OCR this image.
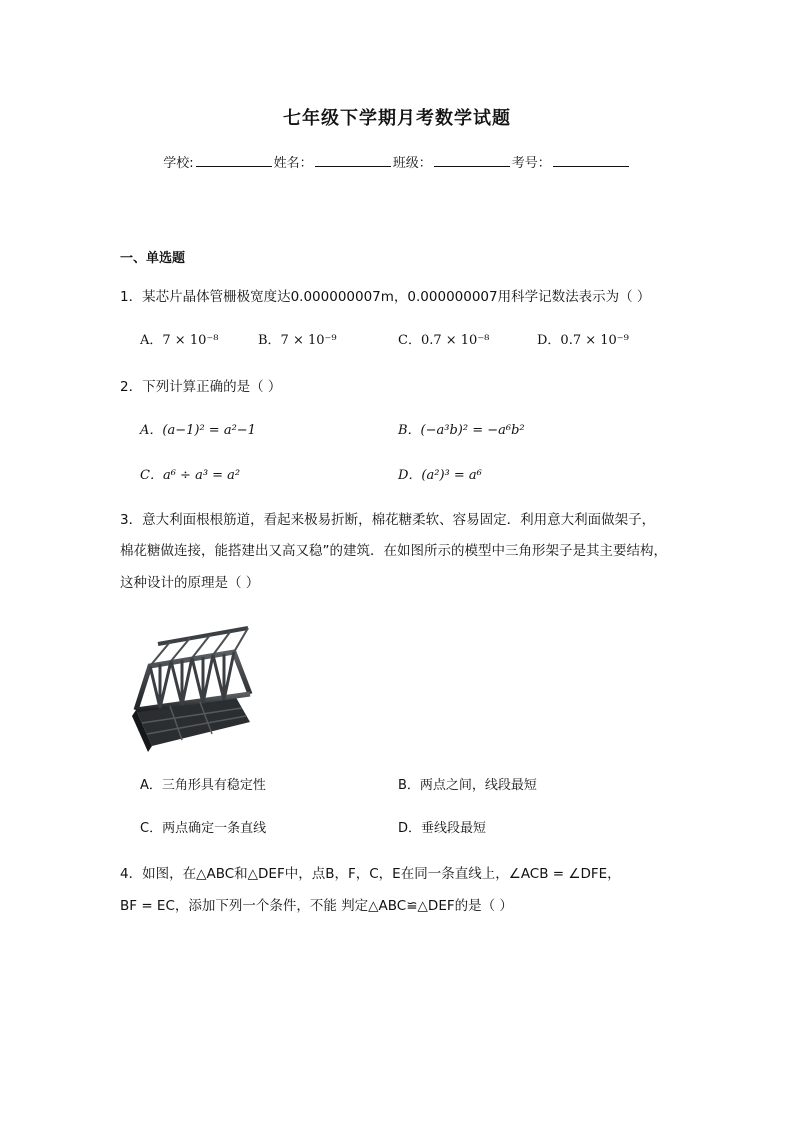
七年级下学期月考数学试题
学校:	姓名：	班级：	考号：
一、单选题
1．某芯片晶体管栅极宽度达0.000000007m，0.000000007用科学记数法表示为（ ）
A．7 × 10⁻⁸	B．7 × 10⁻⁹	C．0.7 × 10⁻⁸	D．0.7 × 10⁻⁹
2．下列计算正确的是（ ）
A．(a−1)² = a²−1	B．(−a³b)² = −a⁶b²
C．a⁶ ÷ a³ = a²	D．(a²)³ = a⁶
3．意大利面根根筋道，看起来极易折断，棉花糖柔软、容易固定．利用意大利面做架子，
棉花糖做连接，能搭建出又高又稳”的建筑．在如图所示的模型中三角形架子是其主要结构，
这种设计的原理是（ ）
A．三角形具有稳定性	B．两点之间，线段最短
C．两点确定一条直线	D．垂线段最短
4．如图，在△ABC和△DEF中，点B，F，C，E在同一条直线上，∠ACB = ∠DFE，
BF = EC，添加下列一个条件，不能 判定△ABC≌△DEF的是（ ）
